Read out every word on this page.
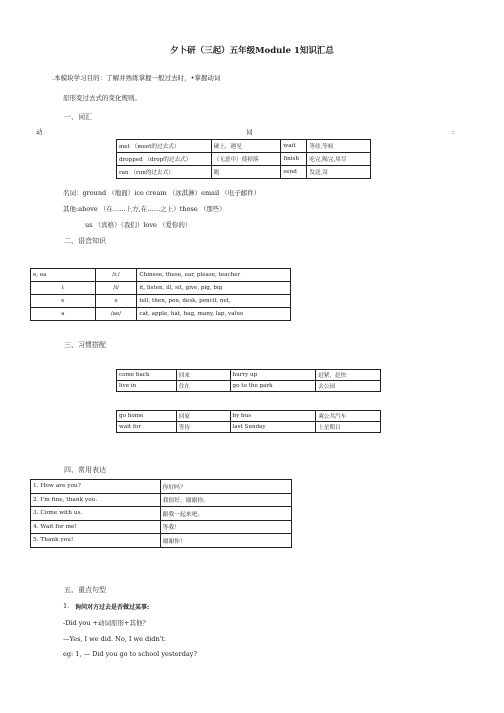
夕卜研（三起）五年级Module 1知识汇总
.本模块学习目的：了解并熟练掌握一般过去时，•掌握动词
原形变过去式的变化规则。
一、词汇
动	词	:
met （meet的过去式）	碰上，遇见	wait	等待,等候
dropped （drop的过去式）	（无意中）使掉落	finish	吃完,喝完,用尽
ran （run的过去式）	跑	send	发送,寄
名词：ground （地面）ice cream （冰淇淋）email （电子邮件）
其他:above （在……上方,在……之上）those （那些）
us （宾格）（我们）love （爱你的）
二、语音知识
e, ea	/i:/	Chinese, these, ear, please, teacher
i	/i/	it, listen, ill, sit, give, pig, big
e	e	tell, then, pen, desk, pencil, net,
a	/ae/	cat, apple, hat, bag, many, lap, value
三、习惯搭配
come back	回来	hurry up	赶紧，赶快
live in	住在	go to the park	去公园
go home	回家	by bus	乘公共汽车
wait for	等待	last Sunday	上星期日
四、常用表达
1. How are you?	你好吗？
2. I'm fine, thank you.	我很好，谢谢你。
3. Come with us.	跟我一起来吧。
4. Wait for me!	等我！
5. Thank you!	谢谢你！
五、重点句型
1. 询问对方过去是否做过某事:
-Did you +动词原形+其他？
—Yes, I we did. No, I we didn't.
eg: 1, — Did you go to school yesterday?
